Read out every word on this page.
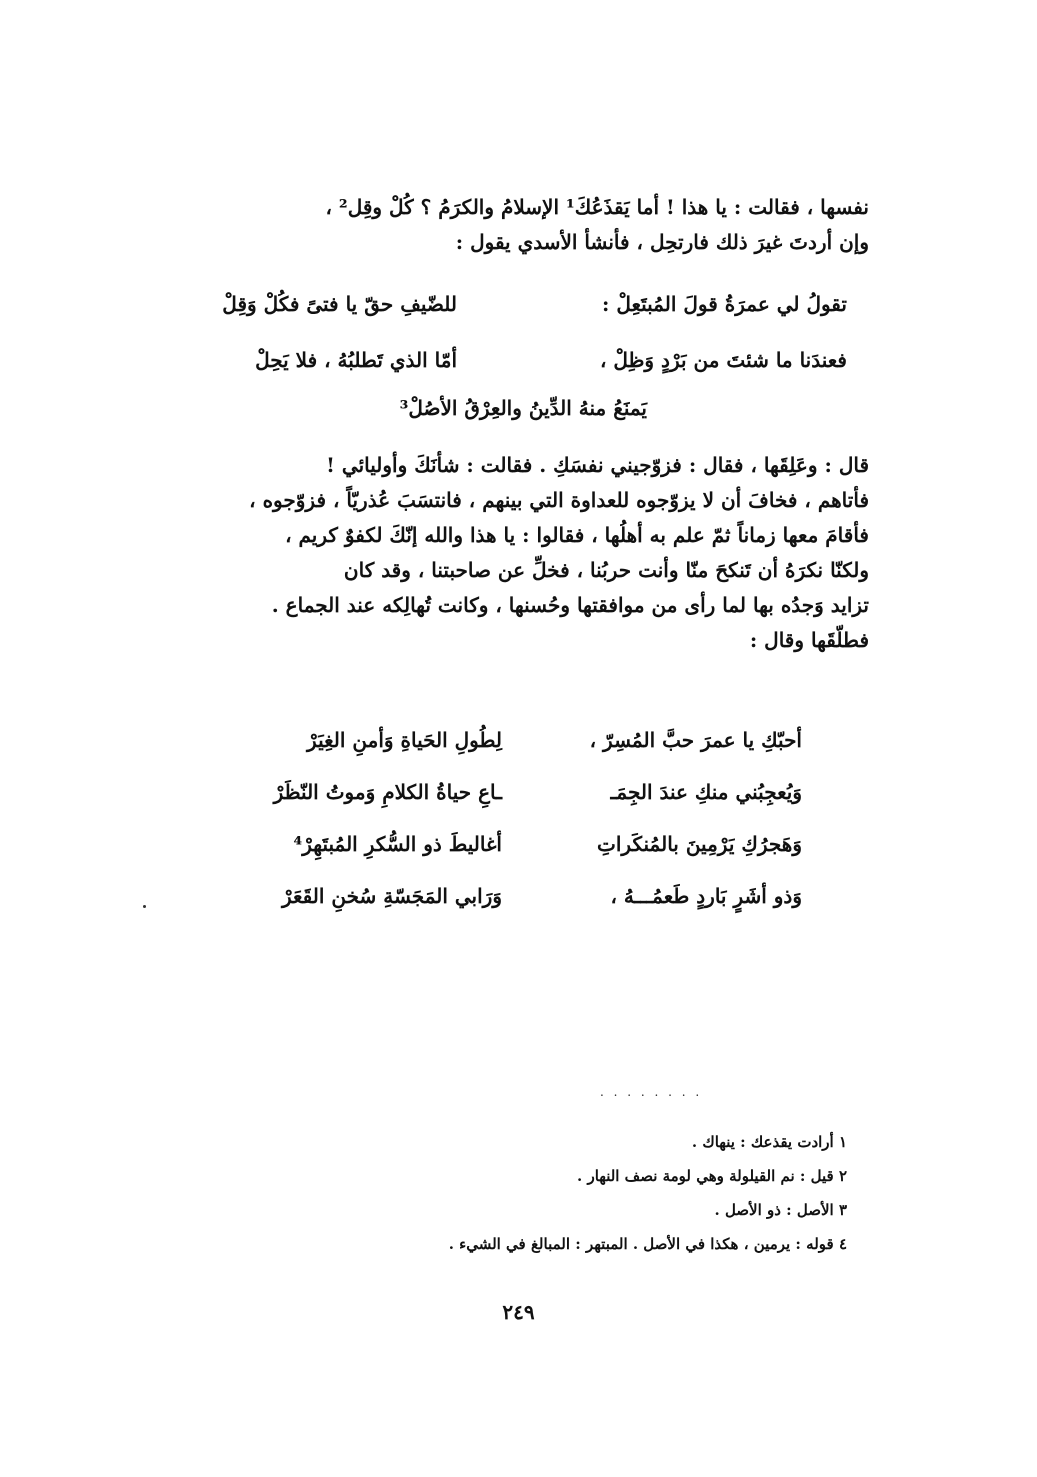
نفسها ، فقالت : يا هذا ! أما يَقذَعُكَ¹ الإسلامُ والكرَمُ ؟ كُلْ وقِل² ،

وإن أردتَ غيرَ ذلك فارتحِل ، فأنشأ الأسدي يقول :

تقولُ لي عمرَةُ قولَ المُبتَعِلْ :
للضّيفِ حقّ يا فتىً فكُلْ وَقِلْ
فعندَنا ما شئتَ من بَرْدٍ وَظِلْ ،
أمّا الذي تَطلبُهُ ، فلا يَحِلْ
يَمنَعُ منهُ الدِّينُ والعِرْقُ الأصُلْ³

قال : وعَلِقَها ، فقال : فزوّجيني نفسَكِ . فقالت : شأنَكَ وأوليائي !

فأتاهم ، فخافَ أن لا يزوّجوه للعداوة التي بينهم ، فانتسَبَ عُذريّاً ، فزوّجوه ،

فأقامَ معها زماناً ثمّ علم به أهلُها ، فقالوا : يا هذا والله إنّكَ لكفوٌ كريم ،

ولكنّا نكرَهُ أن تَنكحَ منّا وأنت حربُنا ، فخلِّ عن صاحبتنا ، وقد كان

تزايد وَجدُه بها لما رأى من موافقتها وحُسنها ، وكانت تُهالِكه عند الجماع .

فطلّقَها وقال :

أحبّكِ يا عمرَ حبَّ المُسِرّ ،
لِطُولِ الحَياةِ وَأمنِ الغِيَرْ
وَيُعجِبُني منكِ عندَ الجِمَـ
ـاعِ حياةُ الكلامِ وَموتُ النّظَرْ
وَهَجرُكِ يَرْمِينَ بالمُنكَراتِ
أغاليطَ ذو السُّكرِ المُبتَهِرْ⁴
وَذو أشَرٍ بَاردٍ طَعمُـــهُ ،
وَرَابي المَجَسّةِ سُخنِ القَعَرْ
. . . . . . . .
١ أرادت يقذعك : ينهاك .
٢ قيل : نم القيلولة وهي لومة نصف النهار .
٣ الأصل : ذو الأصل .
٤ قوله : يرمين ، هكذا في الأصل . المبتهر : المبالغ في الشيء .
٢٤٩
